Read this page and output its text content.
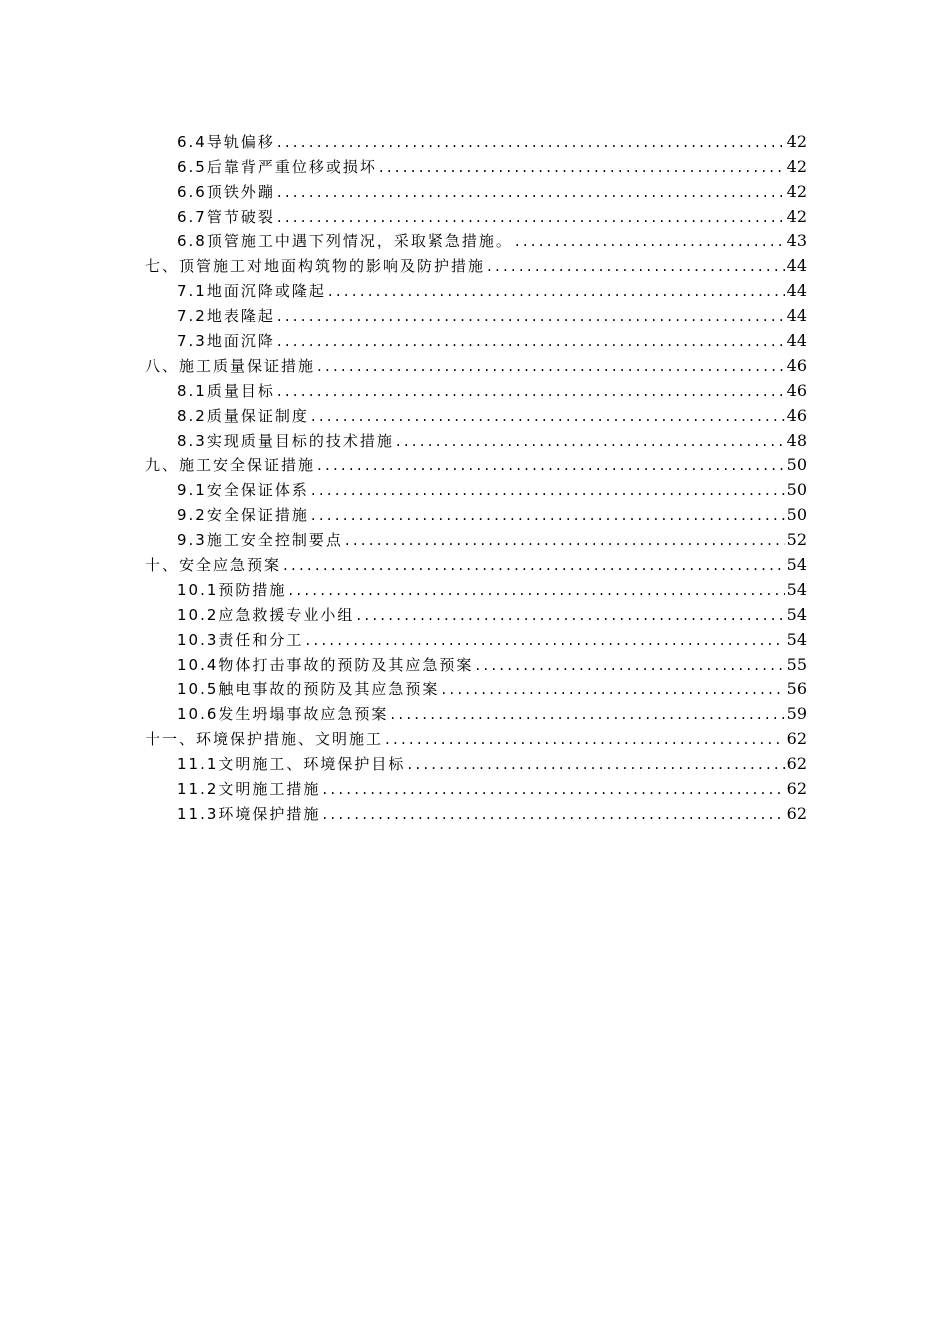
6.4导轨偏移 .....	42
6.5后靠背严重位移或损坏 .....	42
6.6顶铁外蹦 .....	42
6.7管节破裂 .....	42
6.8顶管施工中遇下列情况，采取紧急措施。 .....	43
七、顶管施工对地面构筑物的影响及防护措施 .....	44
7.1地面沉降或隆起 .....	44
7.2地表隆起 .....	44
7.3地面沉降 .....	44
八、施工质量保证措施 .....	46
8.1质量目标 .....	46
8.2质量保证制度 .....	46
8.3实现质量目标的技术措施 .....	48
九、施工安全保证措施 .....	50
9.1安全保证体系 .....	50
9.2安全保证措施 .....	50
9.3施工安全控制要点 .....	52
十、安全应急预案 .....	54
10.1预防措施 .....	54
10.2应急救援专业小组 .....	54
10.3责任和分工 .....	54
10.4物体打击事故的预防及其应急预案 .....	55
10.5触电事故的预防及其应急预案 .....	56
10.6发生坍塌事故应急预案 .....	59
十一、环境保护措施、文明施工 .....	62
11.1文明施工、环境保护目标 .....	62
11.2文明施工措施 .....	62
11.3环境保护措施 .....	62
